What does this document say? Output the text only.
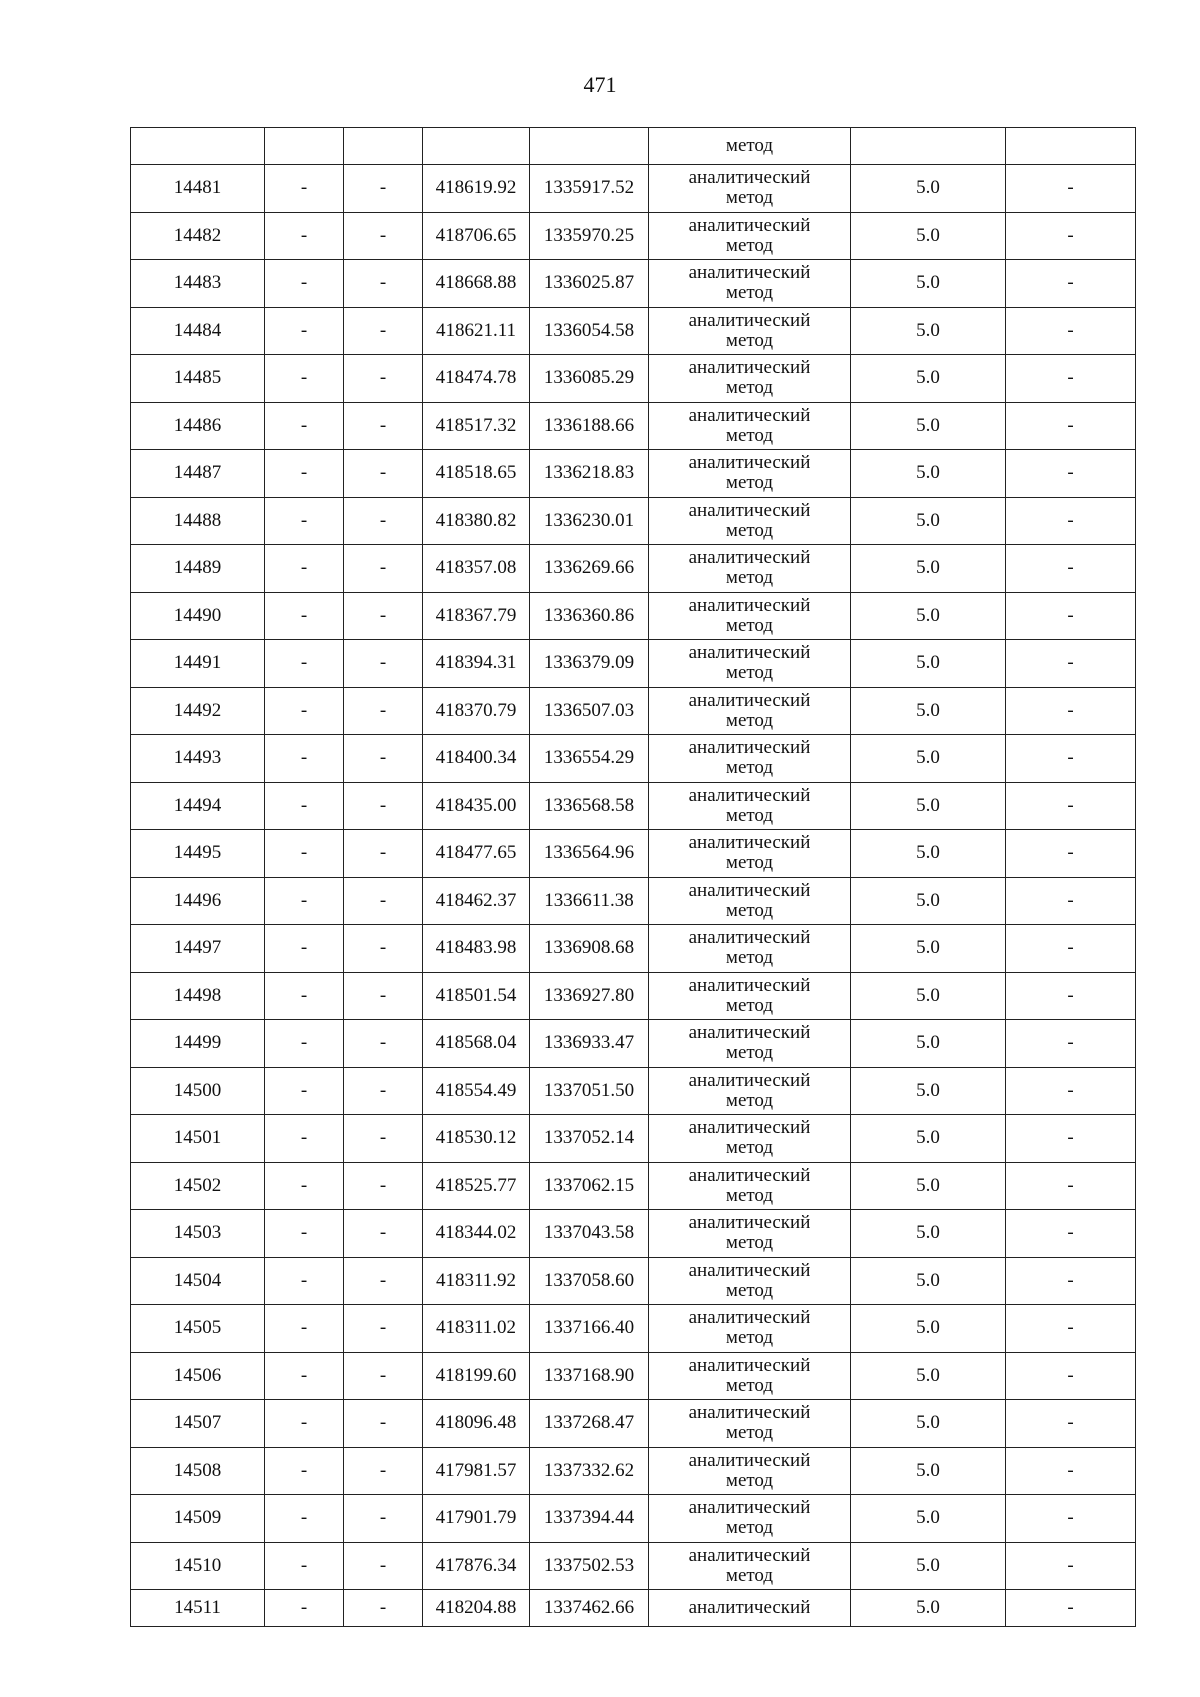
471
					метод		
14481	-	-	418619.92	1335917.52	аналитический
метод	5.0	-
14482	-	-	418706.65	1335970.25	аналитический
метод	5.0	-
14483	-	-	418668.88	1336025.87	аналитический
метод	5.0	-
14484	-	-	418621.11	1336054.58	аналитический
метод	5.0	-
14485	-	-	418474.78	1336085.29	аналитический
метод	5.0	-
14486	-	-	418517.32	1336188.66	аналитический
метод	5.0	-
14487	-	-	418518.65	1336218.83	аналитический
метод	5.0	-
14488	-	-	418380.82	1336230.01	аналитический
метод	5.0	-
14489	-	-	418357.08	1336269.66	аналитический
метод	5.0	-
14490	-	-	418367.79	1336360.86	аналитический
метод	5.0	-
14491	-	-	418394.31	1336379.09	аналитический
метод	5.0	-
14492	-	-	418370.79	1336507.03	аналитический
метод	5.0	-
14493	-	-	418400.34	1336554.29	аналитический
метод	5.0	-
14494	-	-	418435.00	1336568.58	аналитический
метод	5.0	-
14495	-	-	418477.65	1336564.96	аналитический
метод	5.0	-
14496	-	-	418462.37	1336611.38	аналитический
метод	5.0	-
14497	-	-	418483.98	1336908.68	аналитический
метод	5.0	-
14498	-	-	418501.54	1336927.80	аналитический
метод	5.0	-
14499	-	-	418568.04	1336933.47	аналитический
метод	5.0	-
14500	-	-	418554.49	1337051.50	аналитический
метод	5.0	-
14501	-	-	418530.12	1337052.14	аналитический
метод	5.0	-
14502	-	-	418525.77	1337062.15	аналитический
метод	5.0	-
14503	-	-	418344.02	1337043.58	аналитический
метод	5.0	-
14504	-	-	418311.92	1337058.60	аналитический
метод	5.0	-
14505	-	-	418311.02	1337166.40	аналитический
метод	5.0	-
14506	-	-	418199.60	1337168.90	аналитический
метод	5.0	-
14507	-	-	418096.48	1337268.47	аналитический
метод	5.0	-
14508	-	-	417981.57	1337332.62	аналитический
метод	5.0	-
14509	-	-	417901.79	1337394.44	аналитический
метод	5.0	-
14510	-	-	417876.34	1337502.53	аналитический
метод	5.0	-
14511	-	-	418204.88	1337462.66	аналитический	5.0	-
